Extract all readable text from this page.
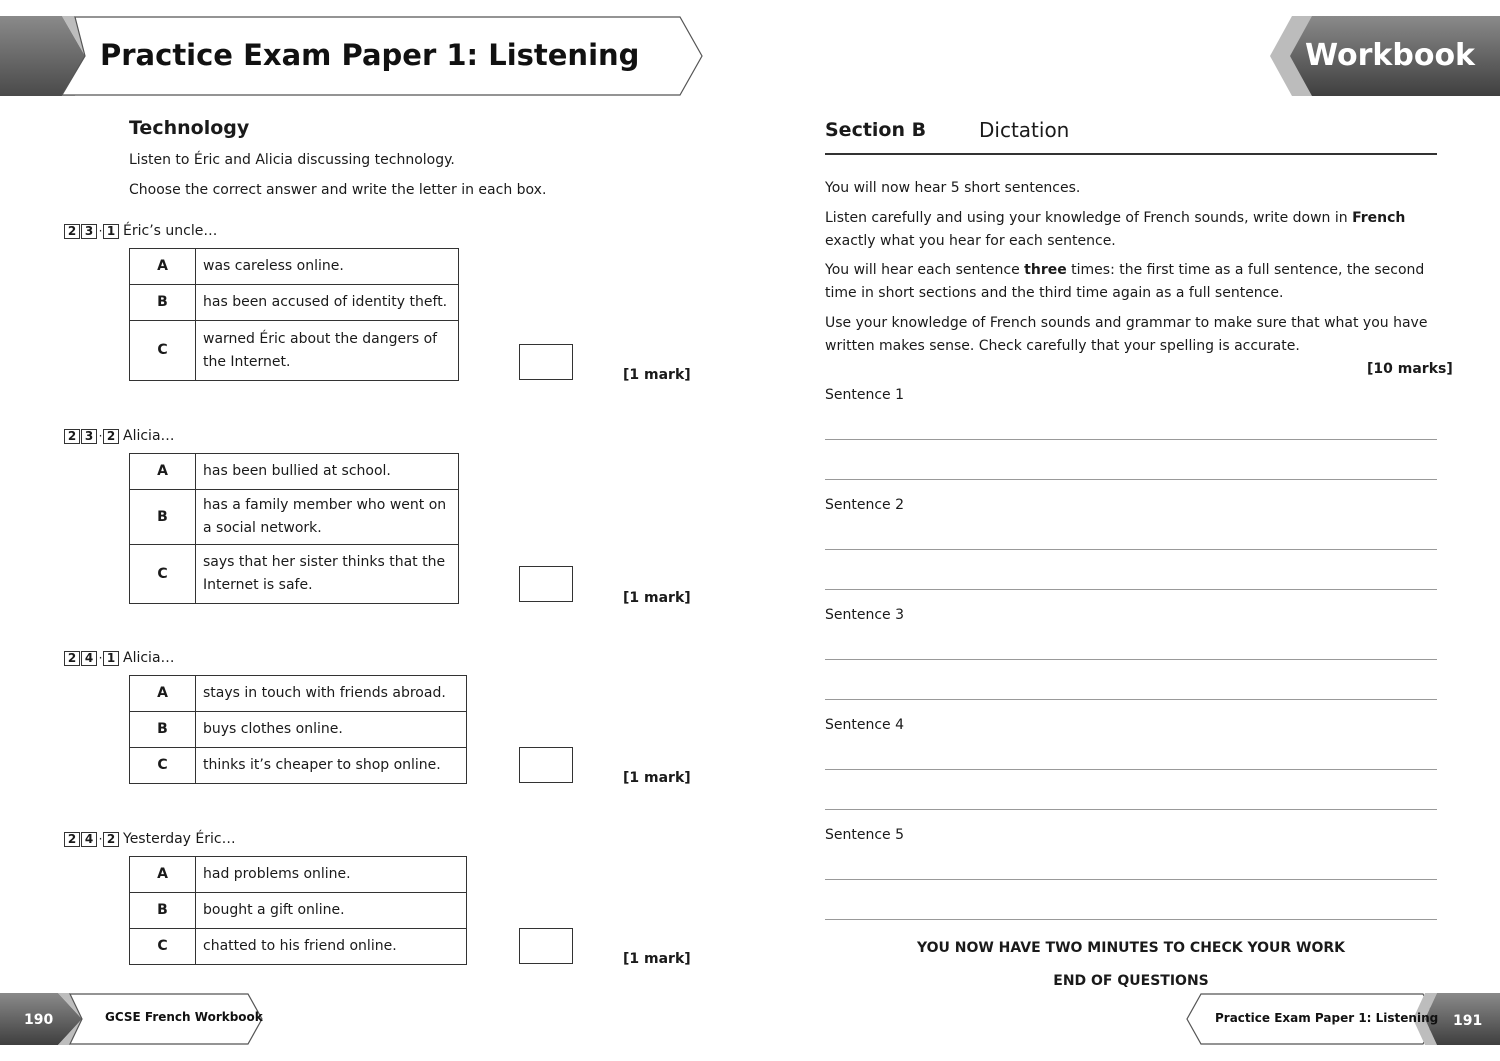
Practice Exam Paper 1: Listening	Workbook
Technology
Listen to Éric and Alicia discussing technology.
Choose the correct answer and write the letter in each box.
2 3 · 1 Éric’s uncle…
A	was careless online.
B	has been accused of identity theft.
C	warned Éric about the dangers of the Internet.
[1 mark]
2 3 · 2 Alicia…
A	has been bullied at school.
B	has a family member who went on a social network.
C	says that her sister thinks that the Internet is safe.
[1 mark]
2 4 · 1 Alicia…
A	stays in touch with friends abroad.
B	buys clothes online.
C	thinks it’s cheaper to shop online.
[1 mark]
2 4 · 2 Yesterday Éric…
A	had problems online.
B	bought a gift online.
C	chatted to his friend online.
[1 mark]
Section B	Dictation
You will now hear 5 short sentences.
Listen carefully and using your knowledge of French sounds, write down in French exactly what you hear for each sentence.
You will hear each sentence three times: the first time as a full sentence, the second time in short sections and the third time again as a full sentence.
Use your knowledge of French sounds and grammar to make sure that what you have written makes sense. Check carefully that your spelling is accurate.
[10 marks]
Sentence 1
Sentence 2
Sentence 3
Sentence 4
Sentence 5
YOU NOW HAVE TWO MINUTES TO CHECK YOUR WORK
END OF QUESTIONS
190	GCSE French Workbook	Practice Exam Paper 1: Listening 191
